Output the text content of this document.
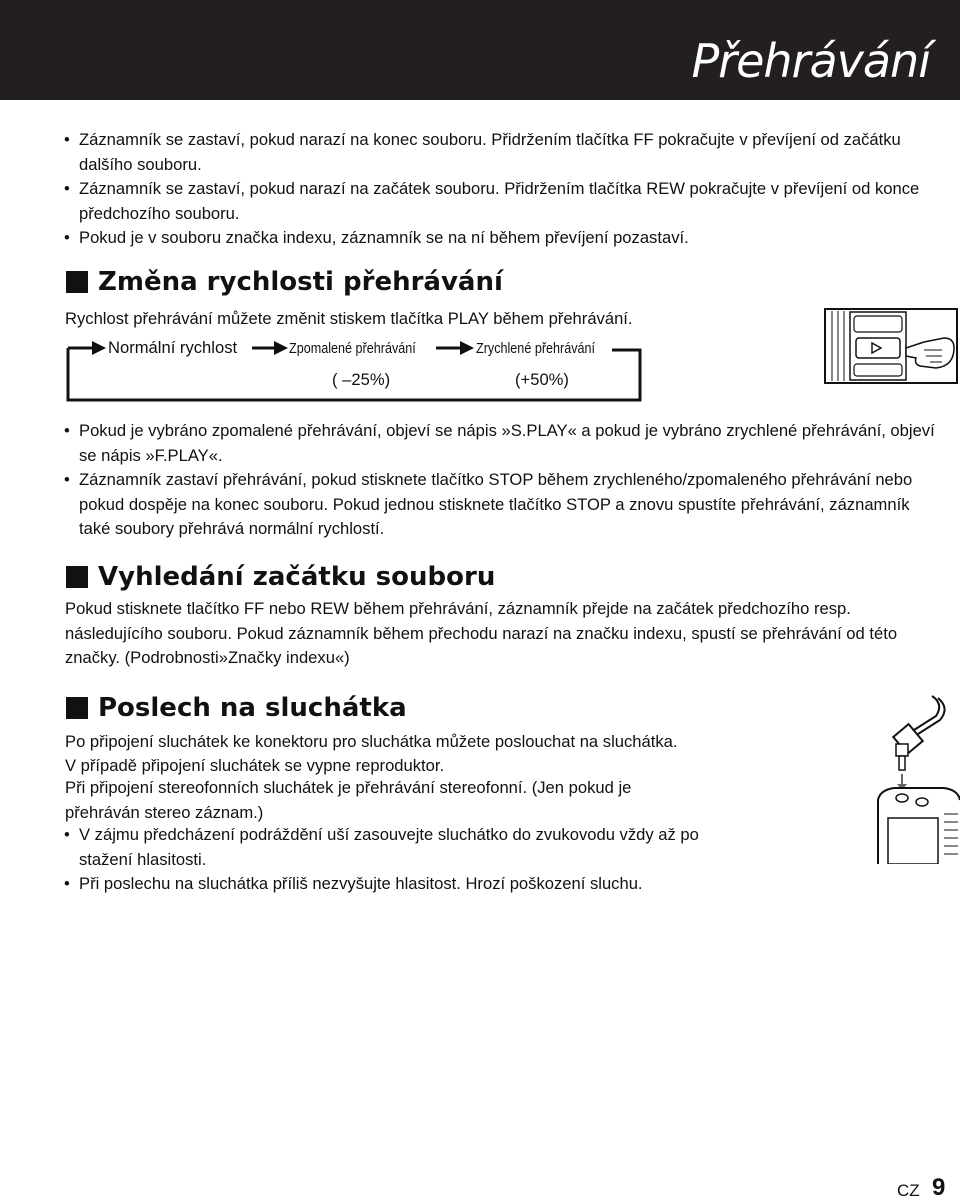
Přehrávání
• Záznamník se zastaví, pokud narazí na konec souboru. Přidržením tlačítka FF pokračujte v převíjení od začátku dalšího souboru.
• Záznamník se zastaví, pokud narazí na začátek souboru. Přidržením tlačítka REW pokračujte v převíjení od konce předchozího souboru.
• Pokud je v souboru značka indexu, záznamník se na ní během převíjení pozastaví.
Změna rychlosti přehrávání

Rychlost přehrávání můžete změnit stiskem tlačítka PLAY během přehrávání.

Normální rychlost	Zpomalené přehrávání
( –25%)
Zrychlené přehrávání
(+50%)
• Pokud je vybráno zpomalené přehrávání, objeví se nápis »S.PLAY« a pokud je vybráno zrychlené přehrávání, objeví se nápis »F.PLAY«.
• Záznamník zastaví přehrávání, pokud stisknete tlačítko STOP během zrychleného/zpomaleného přehrávání nebo pokud dospěje na konec souboru. Pokud jednou stisknete tlačítko STOP a znovu spustíte přehrávání, záznamník také soubory přehrává normální rychlostí.
Vyhledání začátku souboru

Pokud stisknete tlačítko FF nebo REW během přehrávání, záznamník přejde na začátek předchozího resp. následujícího souboru. Pokud záznamník během přechodu narazí na značku indexu, spustí se přehrávání od této značky. (Podrobnosti»Značky indexu«)

Poslech na sluchátka

Po připojení sluchátek ke konektoru pro sluchátka můžete poslouchat na sluchátka.

V případě připojení sluchátek se vypne reproduktor.

Při připojení stereofonních sluchátek je přehrávání stereofonní. (Jen pokud je přehráván stereo záznam.)

• V zájmu předcházení podráždění uší zasouvejte sluchátko do zvukovodu vždy až po stažení hlasitosti.
• Při poslechu na sluchátka příliš nezvyšujte hlasitost. Hrozí poškození sluchu.
CZ 9
